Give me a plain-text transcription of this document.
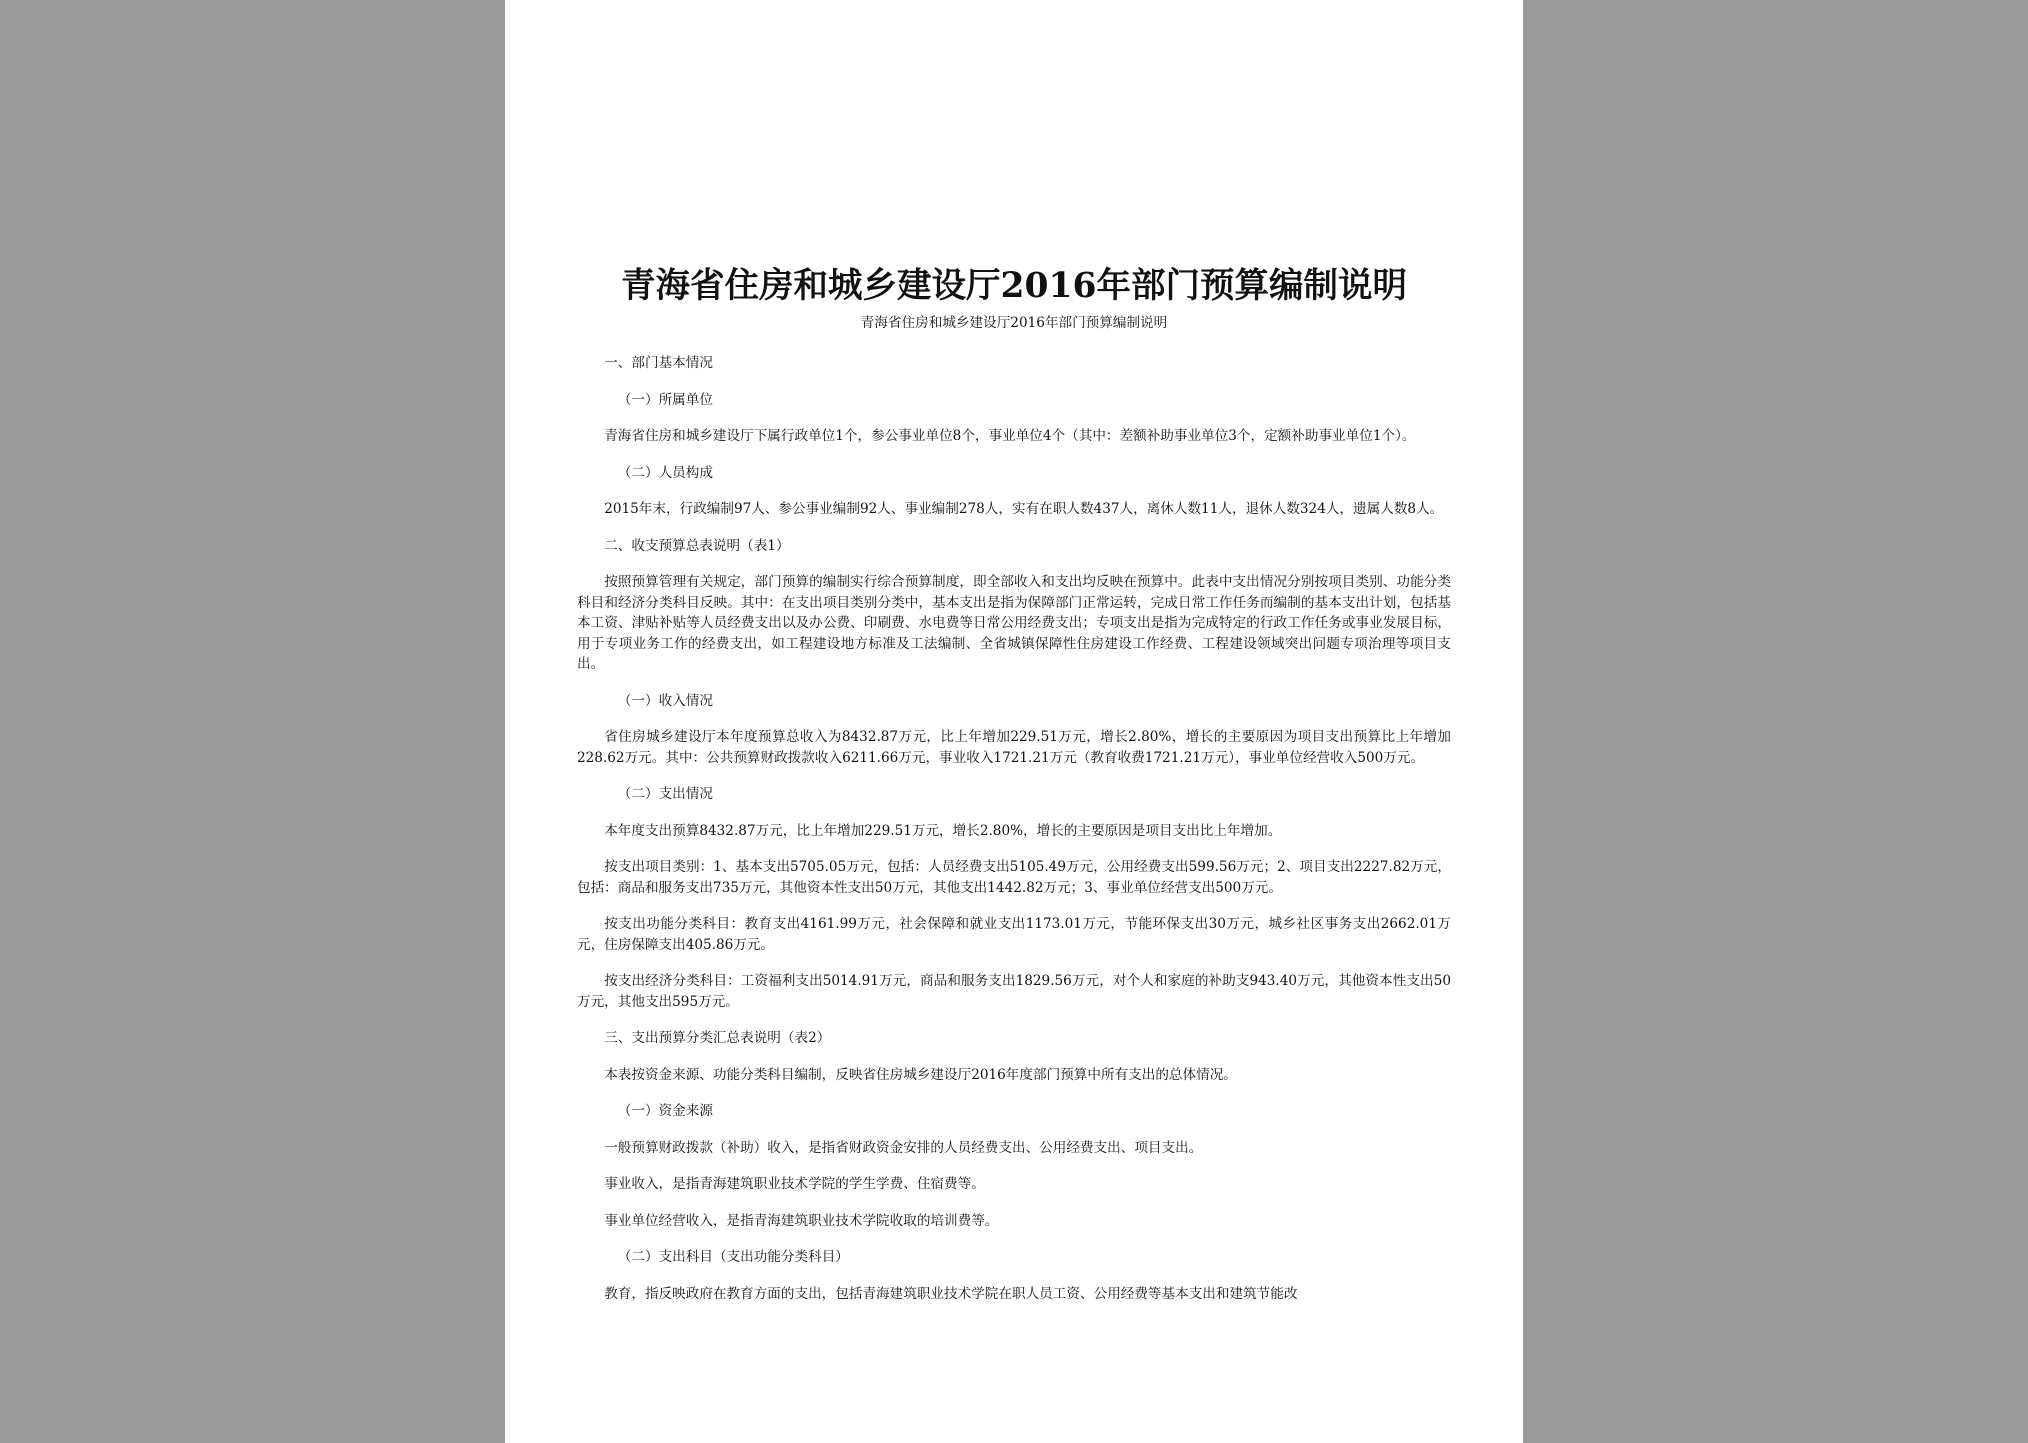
青海省住房和城乡建设厅2016年部门预算编制说明
青海省住房和城乡建设厅2016年部门预算编制说明
一、部门基本情况
（一）所属单位

青海省住房和城乡建设厅下属行政单位1个，参公事业单位8个，事业单位4个（其中：差额补助事业单位3个，定额补助事业单位1个）。

（二）人员构成

2015年末，行政编制97人、参公事业编制92人、事业编制278人，实有在职人数437人，离休人数11人，退休人数324人，遗属人数8人。

二、收支预算总表说明（表1）

按照预算管理有关规定，部门预算的编制实行综合预算制度，即全部收入和支出均反映在预算中。此表中支出情况分别按项目类别、功能分类科目和经济分类科目反映。其中：在支出项目类别分类中，基本支出是指为保障部门正常运转，完成日常工作任务而编制的基本支出计划，包括基本工资、津贴补贴等人员经费支出以及办公费、印刷费、水电费等日常公用经费支出；专项支出是指为完成特定的行政工作任务或事业发展目标，用于专项业务工作的经费支出，如工程建设地方标准及工法编制、全省城镇保障性住房建设工作经费、工程建设领域突出问题专项治理等项目支出。

（一）收入情况

省住房城乡建设厅本年度预算总收入为8432.87万元，比上年增加229.51万元，增长2.80%，增长的主要原因为项目支出预算比上年增加228.62万元。其中：公共预算财政拨款收入6211.66万元，事业收入1721.21万元（教育收费1721.21万元），事业单位经营收入500万元。

（二）支出情况

本年度支出预算8432.87万元，比上年增加229.51万元，增长2.80%，增长的主要原因是项目支出比上年增加。

按支出项目类别：1、基本支出5705.05万元，包括：人员经费支出5105.49万元，公用经费支出599.56万元；2、项目支出2227.82万元，包括：商品和服务支出735万元，其他资本性支出50万元，其他支出1442.82万元；3、事业单位经营支出500万元。

按支出功能分类科目：教育支出4161.99万元，社会保障和就业支出1173.01万元，节能环保支出30万元，城乡社区事务支出2662.01万元，住房保障支出405.86万元。

按支出经济分类科目：工资福利支出5014.91万元，商品和服务支出1829.56万元，对个人和家庭的补助支943.40万元，其他资本性支出50万元，其他支出595万元。

三、支出预算分类汇总表说明（表2）

本表按资金来源、功能分类科目编制，反映省住房城乡建设厅2016年度部门预算中所有支出的总体情况。

（一）资金来源

一般预算财政拨款（补助）收入，是指省财政资金安排的人员经费支出、公用经费支出、项目支出。

事业收入，是指青海建筑职业技术学院的学生学费、住宿费等。

事业单位经营收入，是指青海建筑职业技术学院收取的培训费等。

（二）支出科目（支出功能分类科目）

教育，指反映政府在教育方面的支出，包括青海建筑职业技术学院在职人员工资、公用经费等基本支出和建筑节能改
